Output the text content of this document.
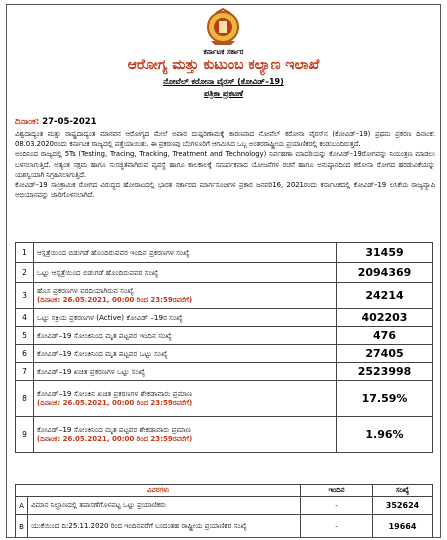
ಕರ್ನಾಟಕ ಸರ್ಕಾರ
ಆರೋಗ್ಯ ಮತ್ತು ಕುಟುಂಬ ಕಲ್ಯಾಣ ಇಲಾಖೆ
ನೋವೆಲ್ ಕರೋನಾ ವೈರಸ್ (ಕೋವಿಡ್–19)
ಪತ್ರಿಕಾ ಪ್ರಕಟಣೆ
ದಿನಾಂಕ: 27-05-2021

ವಿಶ್ವದಾದ್ಯಂತ ಮತ್ತು ರಾಷ್ಟ್ರದಾದ್ಯಂತ ಮಾನವನ ಆರೋಗ್ಯದ ಮೇಲೆ ಅಪಾರ ದುಷ್ಪರಿಣಾಮಕ್ಕೆ ಕಾರಣವಾದ ನೋವೆಲ್ ಕರೋನಾ ವೈರಸ್‌ನ (ಕೋವಿಡ್–19) ಪ್ರಥಮ ಪ್ರಕರಣ ದಿನಾಂಕ: 08.03.2020ರಂದು ಕರ್ನಾಟಕ ರಾಜ್ಯದಲ್ಲಿ ಪತ್ತೆಯಾಯಿತು. ಈ ಪ್ರಕರಣವು ಬೆಂಗಳೂರಿಗೆ ಆಗಮಿಸಿದ ಒಬ್ಬ ಅಂತರರಾಷ್ಟ್ರೀಯ ಪ್ರಯಾಣಿಕರಲ್ಲಿ ಕಂಡುಬಂದಿರುತ್ತದೆ.

ಅಂದಿನಿಂದ ರಾಜ್ಯದಲ್ಲಿ 5Ts (Testing, Tracing, Tracking, Treatment and Technology) ನಿರ್ವಹಣಾ ಮಾದರಿಯನ್ನು ಕೋವಿಡ್–19ರೋಗವನ್ನು ನಿಯಂತ್ರಣ ಮಾಡಲು ಬಳಸಲಾಗುತ್ತಿದೆ. ಅತ್ಯಂತ ಸಕ್ಷಮ ಹಾಗೂ ಸುಸಜ್ಜಿತವಾಗಿರುವ ವ್ಯವಸ್ಥೆ ಹಾಗೂ ಕಾಲಕಾಲಕ್ಕೆ ಸಮರ್ಪಕವಾದ ಯೋಜನೆಗಳ ರಚನೆ ಹಾಗೂ ಅನುಷ್ಠಾನದಿಂದ ಕರೋನಾ ರೋಗದ ಹರಡುವಿಕೆಯನ್ನು ಯಶಸ್ವಿಯಾಗಿ ನಿಗ್ರಹಿಸಲಾಗುತ್ತಿದೆ.

ಕೋವಿಡ್–19 ಸಾಂಕ್ರಾಮಿಕ ರೋಗದ ವಿರುದ್ಧದ ಹೋರಾಟದಲ್ಲಿ ಭಾರತ ಸರ್ಕಾರದ ಮಾರ್ಗಸೂಚಿಗಳ ಪ್ರಕಾರ ಜನವರಿ16, 2021ರಂದು ಕರ್ನಾಟಕದಲ್ಲಿ ಕೋವಿಡ್–19 ಲಸಿಕೆಯ ರಾಜ್ಯವ್ಯಾಪಿ ಅಭಿಯಾನವನ್ನು ಜಾರಿಗೊಳಿಸಲಾಗಿದೆ.

1	ಆಸ್ಪತ್ರೆಯಿಂದ ಬಿಡುಗಡೆ ಹೊಂದಿರುವವರ ಇಂದಿನ ಪ್ರಕರಣಗಳ ಸಂಖ್ಯೆ	31459
2	ಒಟ್ಟು ಆಸ್ಪತ್ರೆಯಿಂದ ಬಿಡುಗಡೆ ಹೊಂದಿರುವವರ ಸಂಖ್ಯೆ	2094369
3	ಹೊಸ ಪ್ರಕರಣಗಳ ವರದಿಯಾಗಿರುವ ಸಂಖ್ಯೆ
(ದಿನಾಂಕ: 26.05.2021, 00:00 ರಿಂದ 23:59ರವರೆಗೆ)	24214
4	ಒಟ್ಟು ಸಕ್ರಿಯ ಪ್ರಕರಣಗಳ (Active) ಕೋವಿಡ್ –19ರ ಸಂಖ್ಯೆ	402203
5	ಕೋವಿಡ್–19 ಸೋಂಕಿನಿಂದ ಮೃತ ಪಟ್ಟವರ ಇಂದಿನ ಸಂಖ್ಯೆ	476
6	ಕೋವಿಡ್–19 ಸೋಂಕಿನಿಂದ ಮೃತ ಪಟ್ಟವರ ಒಟ್ಟು ಸಂಖ್ಯೆ	27405
7	ಕೋವಿಡ್–19 ಖಚಿತ ಪ್ರಕರಣಗಳ ಒಟ್ಟು ಸಂಖ್ಯೆ	2523998
8	ಕೋವಿಡ್–19 ಸೋಂಕಿನ ಖಚಿತ ಪ್ರಕರಣಗಳ ಶೇಕಡಾವಾರು ಪ್ರಮಾಣ
(ದಿನಾಂಕ: 26.05.2021, 00:00 ರಿಂದ 23:59ರವರೆಗೆ)	17.59%
9	ಕೋವಿಡ್–19 ಸೋಂಕಿನಿಂದ ಮೃತ ಪಟ್ಟವರ ಶೇಕಡಾವಾರು ಪ್ರಮಾಣ
(ದಿನಾಂಕ: 26.05.2021, 00:00 ರಿಂದ 23:59ರವರೆಗೆ)	1.96%
ವಿವರಗಳು		ಇಂದಿನ	ಸಂಖ್ಯೆ
A	ವಿಮಾನ ನಿಲ್ದಾಣದಲ್ಲಿ ತಪಾಸಣೆಗೊಳಪಟ್ಟ ಒಟ್ಟು ಪ್ರಯಾಣಿಕರು	-	352624
B	ಯುಕೆಯಿಂದ ದಿ:25.11.2020 ರಿಂದ ಇಂದಿನವರೆಗೆ ಬಂದಂತಹ ರಾಷ್ಟ್ರೀಯ ಪ್ರಯಾಣಿಕರ ಸಂಖ್ಯೆ	-	19664
